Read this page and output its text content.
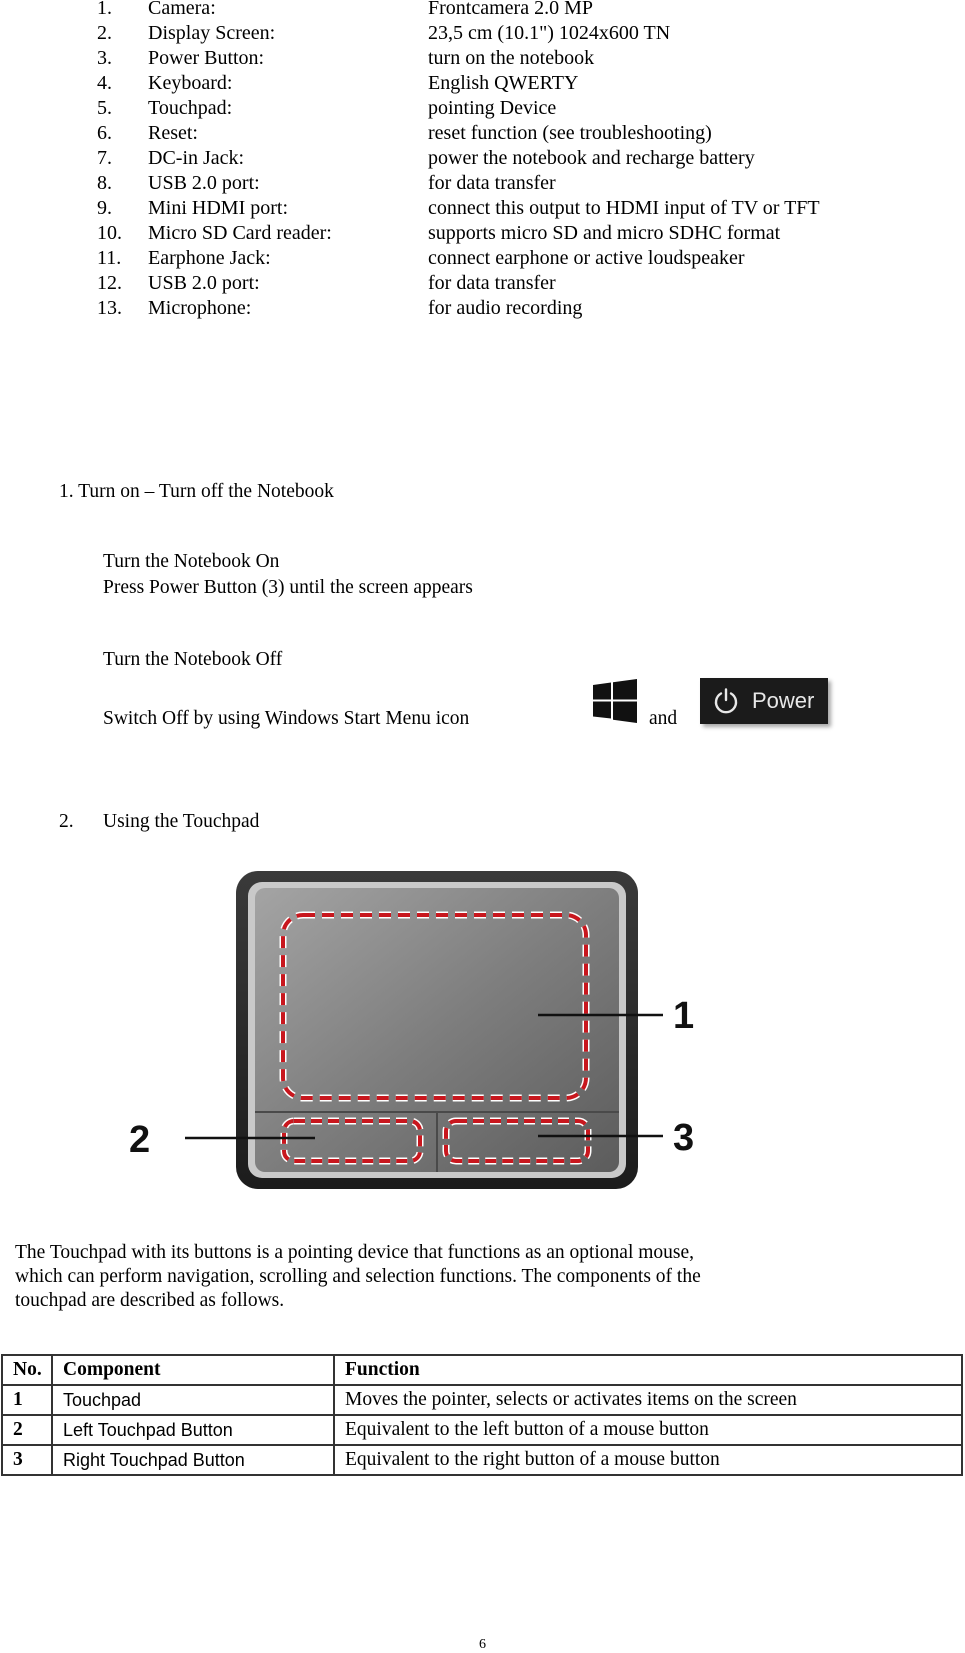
1.	Camera:	Frontcamera 2.0 MP
2.	Display Screen:	23,5 cm (10.1") 1024x600 TN
3.	Power Button:	turn on the notebook
4.	Keyboard:	English QWERTY
5.	Touchpad:	pointing Device
6.	Reset:	reset function (see troubleshooting)
7.	DC-in Jack:	power the notebook and recharge battery
8.	USB 2.0 port:	for data transfer
9.	Mini HDMI port:	connect this output to HDMI input of TV or TFT
10.	Micro SD Card reader:	supports micro SD and micro SDHC format
11.	Earphone Jack:	connect earphone or active loudspeaker
12.	USB 2.0 port:	for data transfer
13.	Microphone:	for audio recording
1. Turn on – Turn off the Notebook
Turn the Notebook On
Press Power Button (3) until the screen appears
Turn the Notebook Off
Switch Off by using Windows Start Menu icon	and
Power
2. Using the Touchpad
1
2	3
The Touchpad with its buttons is a pointing device that functions as an optional mouse,
which can perform navigation, scrolling and selection functions. The components of the
touchpad are described as follows.
No.	Component	Function
1	Touchpad	Moves the pointer, selects or activates items on the screen
2	Left Touchpad Button	Equivalent to the left button of a mouse button
3	Right Touchpad Button	Equivalent to the right button of a mouse button
6
